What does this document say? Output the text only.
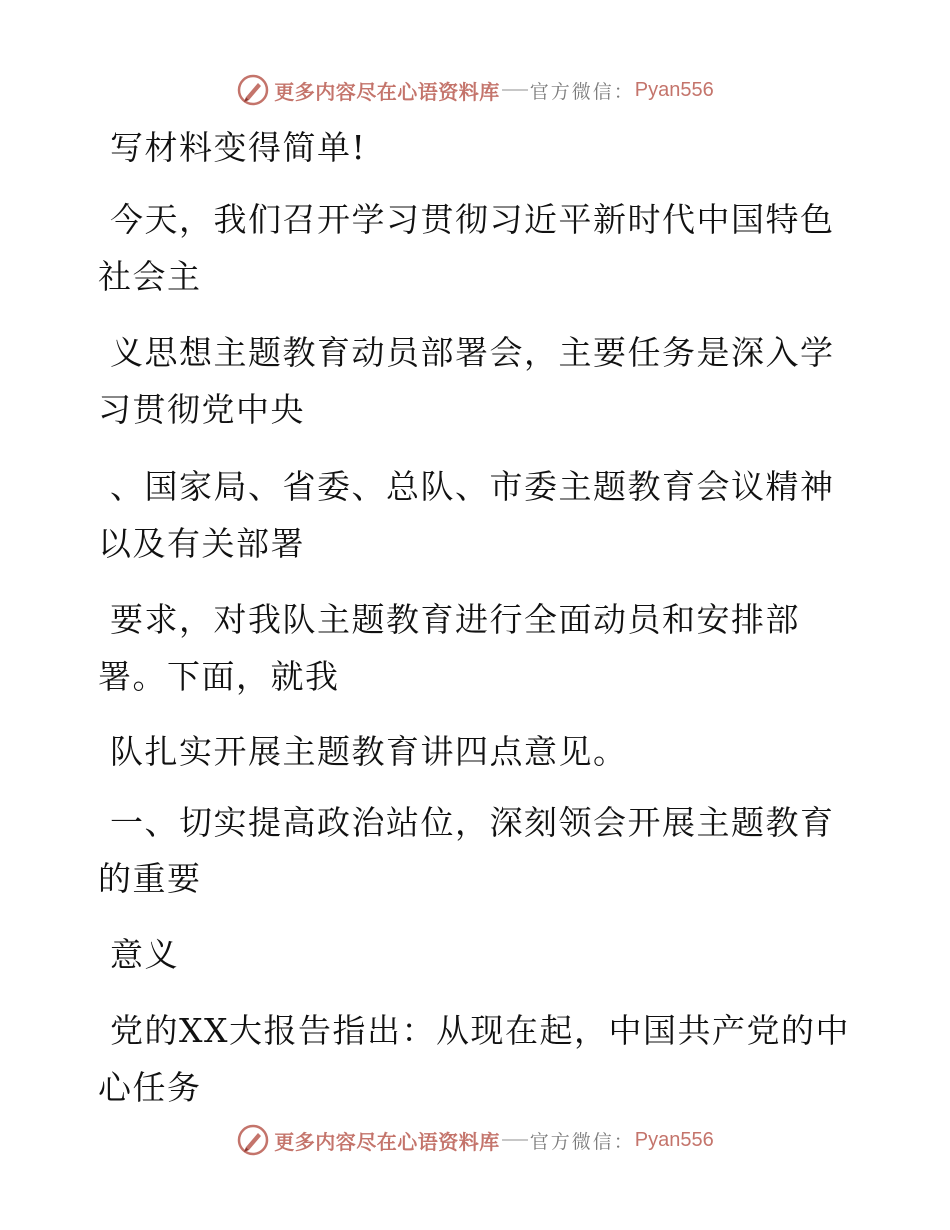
更多内容尽在心语资料库 官方微信： Pyan556
写材料变得简单!
今天，我们召开学习贯彻习近平新时代中国特色
社会主
义思想主题教育动员部署会，主要任务是深入学
习贯彻党中央
、国家局、省委、总队、市委主题教育会议精神
以及有关部署
要求，对我队主题教育进行全面动员和安排部
署。下面，就我
队扎实开展主题教育讲四点意见。
一、切实提高政治站位，深刻领会开展主题教育
的重要
意义
党的XX大报告指出：从现在起，中国共产党的中
心任务
更多内容尽在心语资料库 官方微信： Pyan556
